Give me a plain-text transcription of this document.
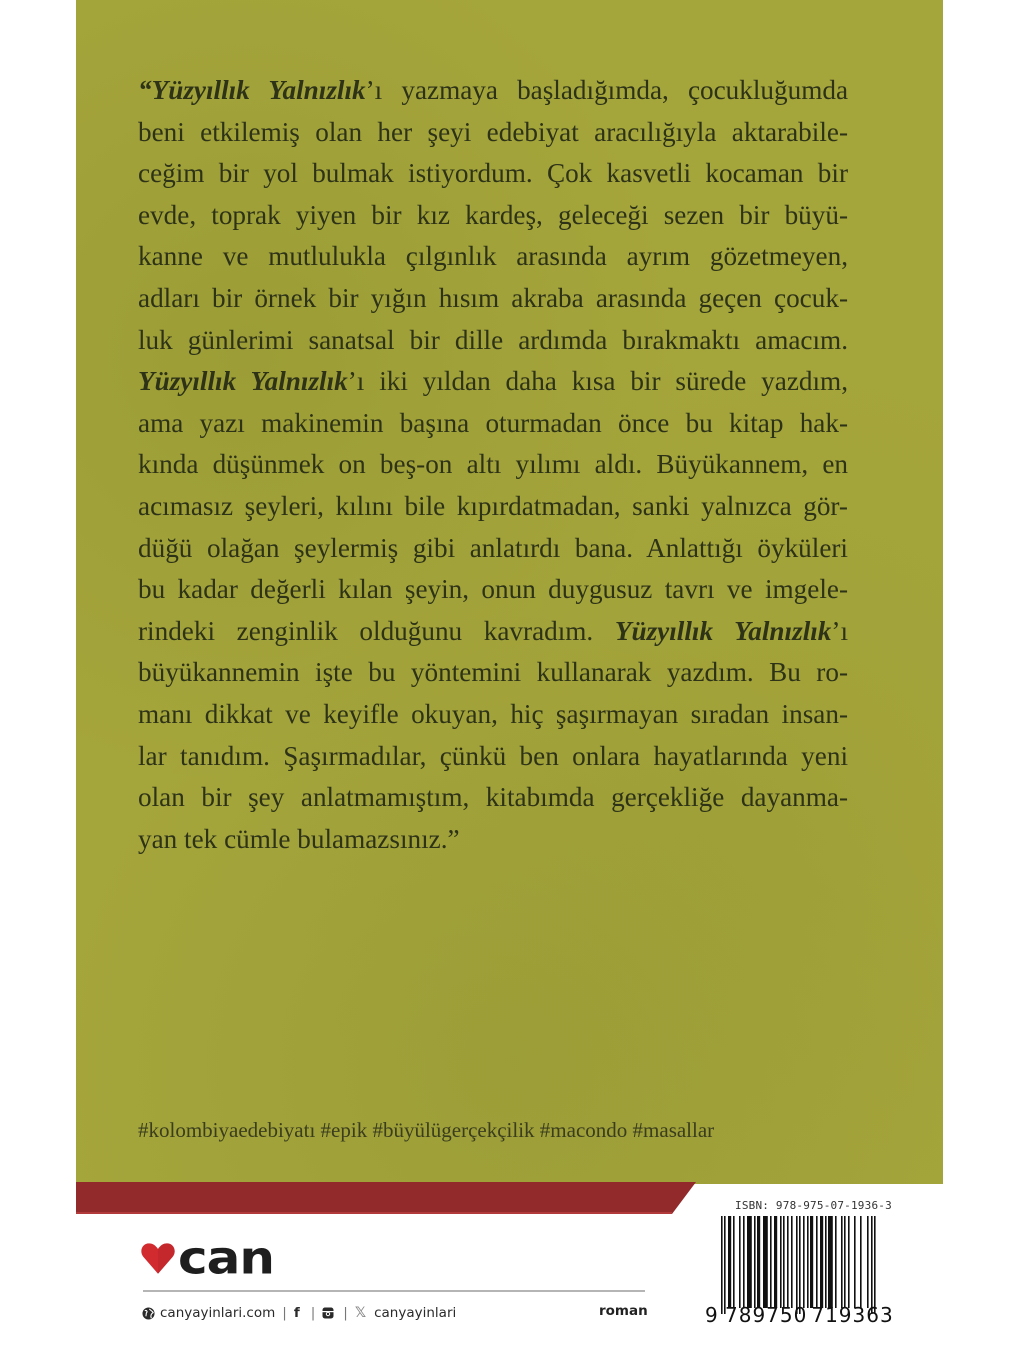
“Yüzyıllık Yalnızlık’ı yazmaya başladığımda, çocukluğumda
beni etkilemiş olan her şeyi edebiyat aracılığıyla aktarabile-
ceğim bir yol bulmak istiyordum. Çok kasvetli kocaman bir
evde, toprak yiyen bir kız kardeş, geleceği sezen bir büyü-
kanne ve mutlulukla çılgınlık arasında ayrım gözetmeyen,
adları bir örnek bir yığın hısım akraba arasında geçen çocuk-
luk günlerimi sanatsal bir dille ardımda bırakmaktı amacım.
Yüzyıllık Yalnızlık’ı iki yıldan daha kısa bir sürede yazdım,
ama yazı makinemin başına oturmadan önce bu kitap hak-
kında düşünmek on beş-on altı yılımı aldı. Büyükannem, en
acımasız şeyleri, kılını bile kıpırdatmadan, sanki yalnızca gör-
düğü olağan şeylermiş gibi anlatırdı bana. Anlattığı öyküleri
bu kadar değerli kılan şeyin, onun duygusuz tavrı ve imgele-
rindeki zenginlik olduğunu kavradım. Yüzyıllık Yalnızlık’ı
büyükannemin işte bu yöntemini kullanarak yazdım. Bu ro-
manı dikkat ve keyifle okuyan, hiç şaşırmayan sıradan insan-
lar tanıdım. Şaşırmadılar, çünkü ben onlara hayatlarında yeni
olan bir şey anlatmamıştım, kitabımda gerçekliğe dayanma-
yan tek cümle bulamazsınız.”
#kolombiyaedebiyatı #epik #büyülügerçekçilik #macondo #masallar
can
canyayinlari.com | f | | 𝕏 canyayinlari	roman
ISBN: 978-975-07-1936-3
9 789750 719363
